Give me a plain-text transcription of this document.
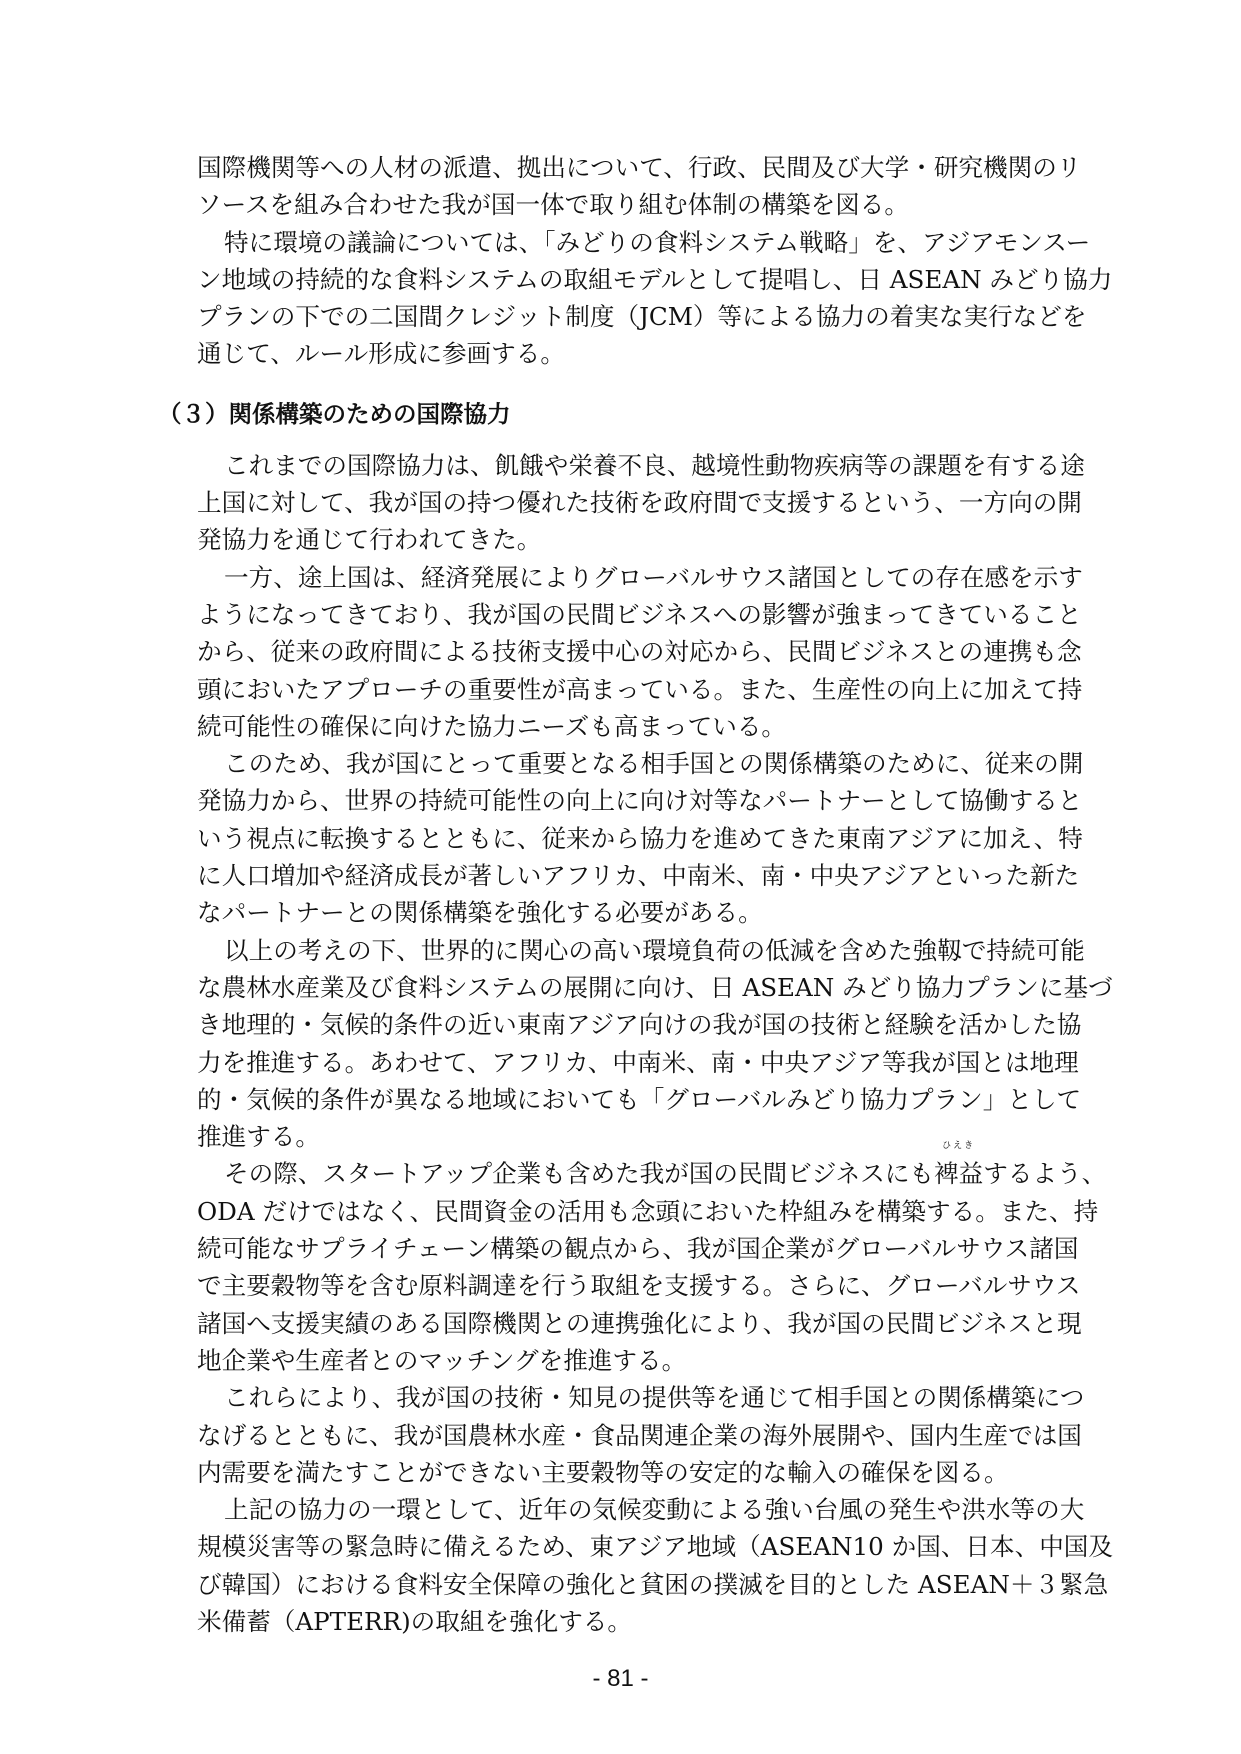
国際機関等への人材の派遣、拠出について、行政、民間及び大学・研究機関のリ
ソースを組み合わせた我が国一体で取り組む体制の構築を図る。
特に環境の議論については、「みどりの食料システム戦略」を、アジアモンスー
ン地域の持続的な食料システムの取組モデルとして提唱し、日 ASEAN みどり協力
プランの下での二国間クレジット制度（JCM）等による協力の着実な実行などを
通じて、ルール形成に参画する。
これまでの国際協力は、飢餓や栄養不良、越境性動物疾病等の課題を有する途
上国に対して、我が国の持つ優れた技術を政府間で支援するという、一方向の開
発協力を通じて行われてきた。
一方、途上国は、経済発展によりグローバルサウス諸国としての存在感を示す
ようになってきており、我が国の民間ビジネスへの影響が強まってきていること
から、従来の政府間による技術支援中心の対応から、民間ビジネスとの連携も念
頭においたアプローチの重要性が高まっている。また、生産性の向上に加えて持
続可能性の確保に向けた協力ニーズも高まっている。
このため、我が国にとって重要となる相手国との関係構築のために、従来の開
発協力から、世界の持続可能性の向上に向け対等なパートナーとして協働すると
いう視点に転換するとともに、従来から協力を進めてきた東南アジアに加え、特
に人口増加や経済成長が著しいアフリカ、中南米、南・中央アジアといった新た
なパートナーとの関係構築を強化する必要がある。
以上の考えの下、世界的に関心の高い環境負荷の低減を含めた強靱で持続可能
な農林水産業及び食料システムの展開に向け、日 ASEAN みどり協力プランに基づ
き地理的・気候的条件の近い東南アジア向けの我が国の技術と経験を活かした協
力を推進する。あわせて、アフリカ、中南米、南・中央アジア等我が国とは地理
的・気候的条件が異なる地域においても「グローバルみどり協力プラン」として
推進する。
その際、スタートアップ企業も含めた我が国の民間ビジネスにも
ひえき
裨益するよう、
ODA だけではなく、民間資金の活用も念頭においた枠組みを構築する。また、持
続可能なサプライチェーン構築の観点から、我が国企業がグローバルサウス諸国
で主要穀物等を含む原料調達を行う取組を支援する。さらに、グローバルサウス
諸国へ支援実績のある国際機関との連携強化により、我が国の民間ビジネスと現
地企業や生産者とのマッチングを推進する。
これらにより、我が国の技術・知見の提供等を通じて相手国との関係構築につ
なげるとともに、我が国農林水産・食品関連企業の海外展開や、国内生産では国
内需要を満たすことができない主要穀物等の安定的な輸入の確保を図る。
上記の協力の一環として、近年の気候変動による強い台風の発生や洪水等の大
規模災害等の緊急時に備えるため、東アジア地域（ASEAN10 か国、日本、中国及
び韓国）における食料安全保障の強化と貧困の撲滅を目的とした ASEAN＋３緊急
米備蓄（APTERR)の取組を強化する。
（３）関係構築のための国際協力
- 81 -
